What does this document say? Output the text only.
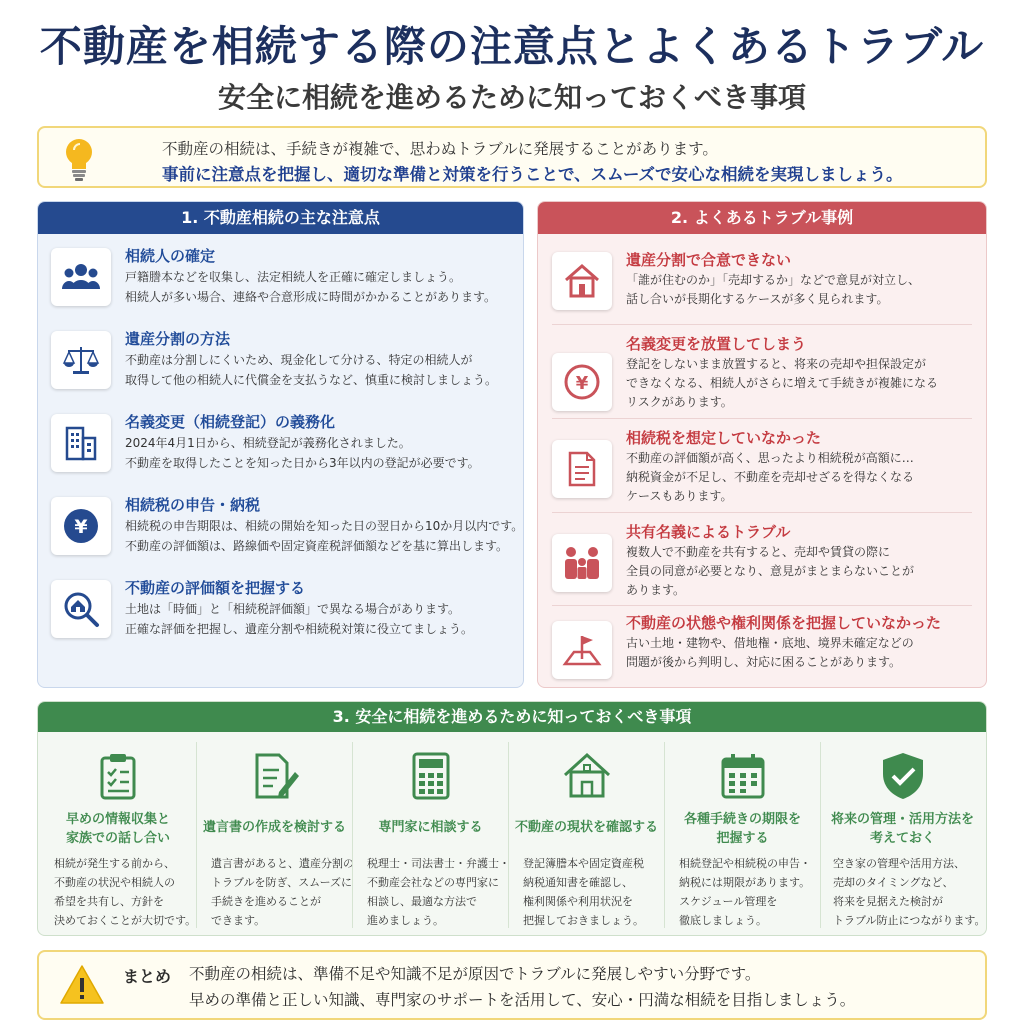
不動産を相続する際の注意点とよくあるトラブル
安全に相続を進めるために知っておくべき事項
不動産の相続は、手続きが複雑で、思わぬトラブルに発展することがあります。
事前に注意点を把握し、適切な準備と対策を行うことで、スムーズで安心な相続を実現しましょう。
1. 不動産相続の主な注意点
相続人の確定
戸籍謄本などを収集し、法定相続人を正確に確定しましょう。
相続人が多い場合、連絡や合意形成に時間がかかることがあります。
遺産分割の方法
不動産は分割しにくいため、現金化して分ける、特定の相続人が
取得して他の相続人に代償金を支払うなど、慎重に検討しましょう。
名義変更（相続登記）の義務化
2024年4月1日から、相続登記が義務化されました。
不動産を取得したことを知った日から3年以内の登記が必要です。
¥
相続税の申告・納税
相続税の申告期限は、相続の開始を知った日の翌日から10か月以内です。
不動産の評価額は、路線価や固定資産税評価額などを基に算出します。
不動産の評価額を把握する
土地は「時価」と「相続税評価額」で異なる場合があります。
正確な評価を把握し、遺産分割や相続税対策に役立てましょう。
2. よくあるトラブル事例
遺産分割で合意できない
「誰が住むのか」「売却するか」などで意見が対立し、
話し合いが長期化するケースが多く見られます。
¥
名義変更を放置してしまう
登記をしないまま放置すると、将来の売却や担保設定が
できなくなる、相続人がさらに増えて手続きが複雑になる
リスクがあります。
相続税を想定していなかった
不動産の評価額が高く、思ったより相続税が高額に…
納税資金が不足し、不動産を売却せざるを得なくなる
ケースもあります。
共有名義によるトラブル
複数人で不動産を共有すると、売却や賃貸の際に
全員の同意が必要となり、意見がまとまらないことが
あります。
不動産の状態や権利関係を把握していなかった
古い土地・建物や、借地権・底地、境界未確定などの
問題が後から判明し、対応に困ることがあります。
3. 安全に相続を進めるために知っておくべき事項
早めの情報収集と
家族での話し合い
相続が発生する前から、
不動産の状況や相続人の
希望を共有し、方針を
決めておくことが大切です。
遺言書の作成を検討する
遺言書があると、遺産分割の
トラブルを防ぎ、スムーズに
手続きを進めることが
できます。
専門家に相談する
税理士・司法書士・弁護士・
不動産会社などの専門家に
相談し、最適な方法で
進めましょう。
不動産の現状を確認する
登記簿謄本や固定資産税
納税通知書を確認し、
権利関係や利用状況を
把握しておきましょう。
各種手続きの期限を
把握する
相続登記や相続税の申告・
納税には期限があります。
スケジュール管理を
徹底しましょう。
将来の管理・活用方法を
考えておく
空き家の管理や活用方法、
売却のタイミングなど、
将来を見据えた検討が
トラブル防止につながります。
まとめ 不動産の相続は、準備不足や知識不足が原因でトラブルに発展しやすい分野です。
早めの準備と正しい知識、専門家のサポートを活用して、安心・円満な相続を目指しましょう。
